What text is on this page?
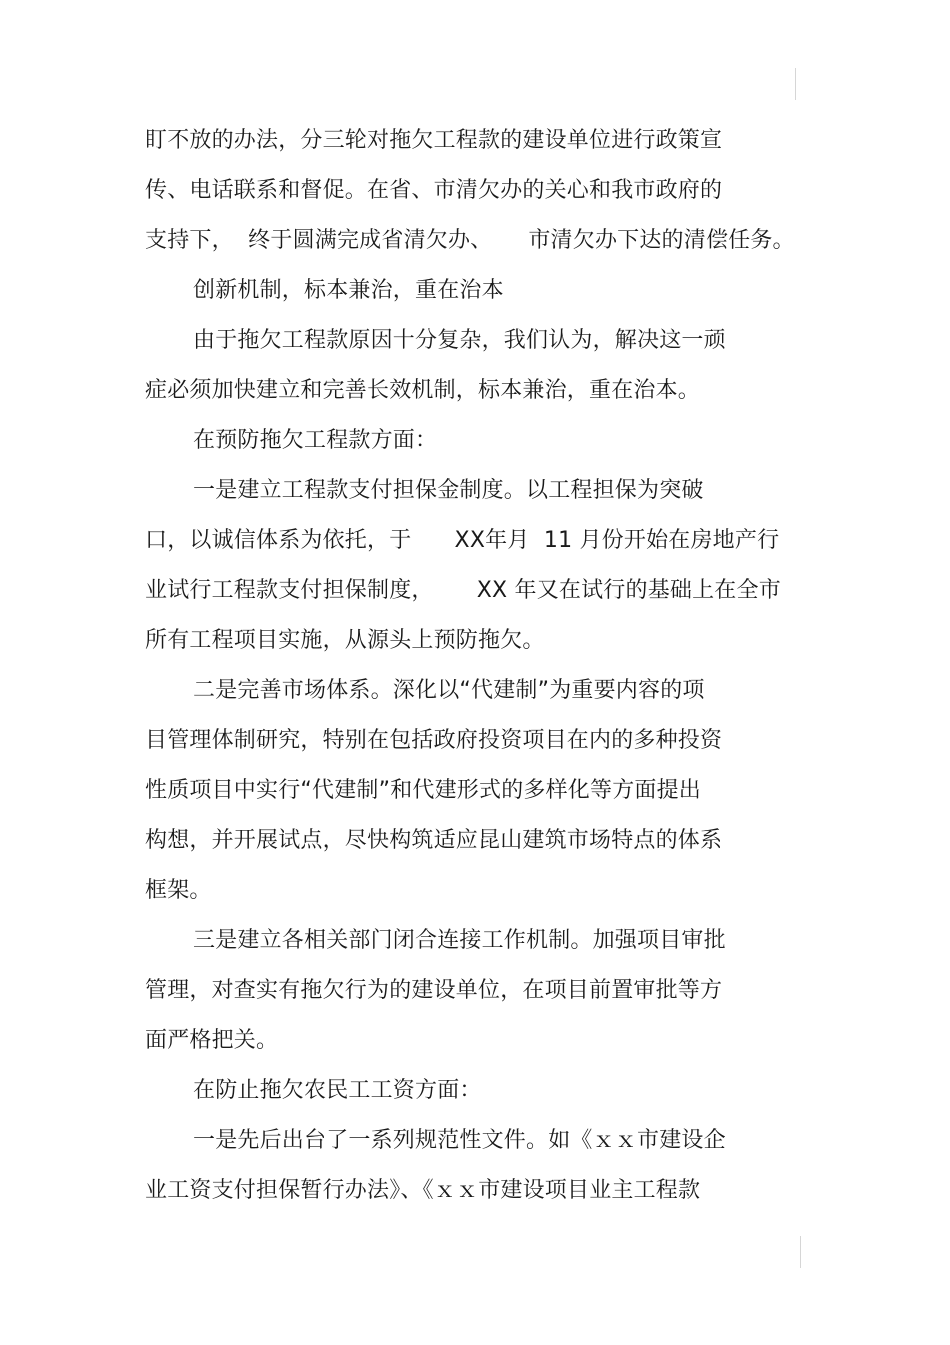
盯不放的办法，分三轮对拖欠工程款的建设单位进行政策宣
传、电话联系和督促。在省、市清欠办的关心和我市政府的
支持下，  终于圆满完成省清欠办、     市清欠办下达的清偿任务。
创新机制，标本兼治，重在治本
由于拖欠工程款原因十分复杂，我们认为，解决这一顽
症必须加快建立和完善长效机制，标本兼治，重在治本。
在预防拖欠工程款方面：
一是建立工程款支付担保金制度。以工程担保为突破
口，以诚信体系为依托，于      XX年月  11 月份开始在房地产行
业试行工程款支付担保制度，      XX 年又在试行的基础上在全市
所有工程项目实施，从源头上预防拖欠。
二是完善市场体系。深化以“代建制”为重要内容的项
目管理体制研究，特别在包括政府投资项目在内的多种投资
性质项目中实行“代建制”和代建形式的多样化等方面提出
构想，并开展试点，尽快构筑适应昆山建筑市场特点的体系
框架。
三是建立各相关部门闭合连接工作机制。加强项目审批
管理，对查实有拖欠行为的建设单位，在项目前置审批等方
面严格把关。
在防止拖欠农民工工资方面：
一是先后出台了一系列规范性文件。如《ｘｘ市建设企
业工资支付担保暂行办法》、《ｘｘ市建设项目业主工程款
